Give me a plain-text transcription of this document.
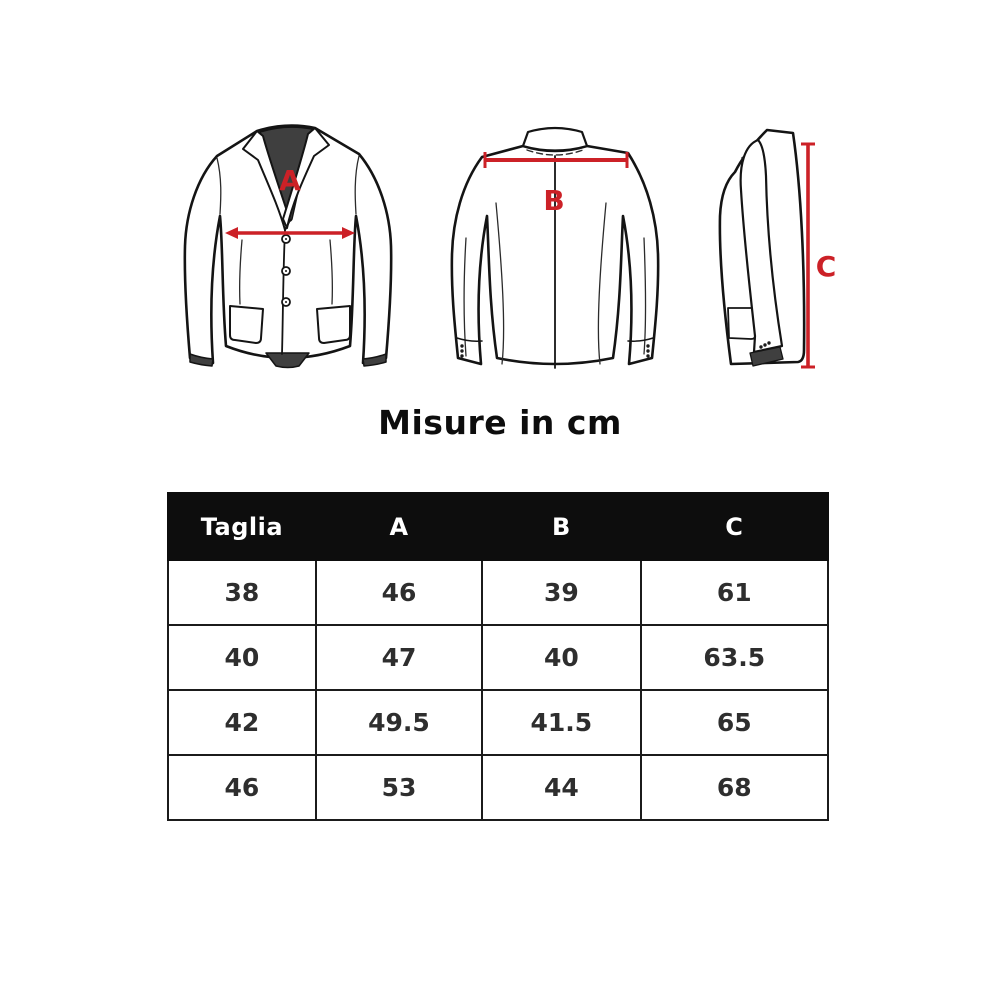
A
B
C
Misure in cm
Taglia	A	B	C
38	46	39	61
40	47	40	63.5
42	49.5	41.5	65
46	53	44	68
